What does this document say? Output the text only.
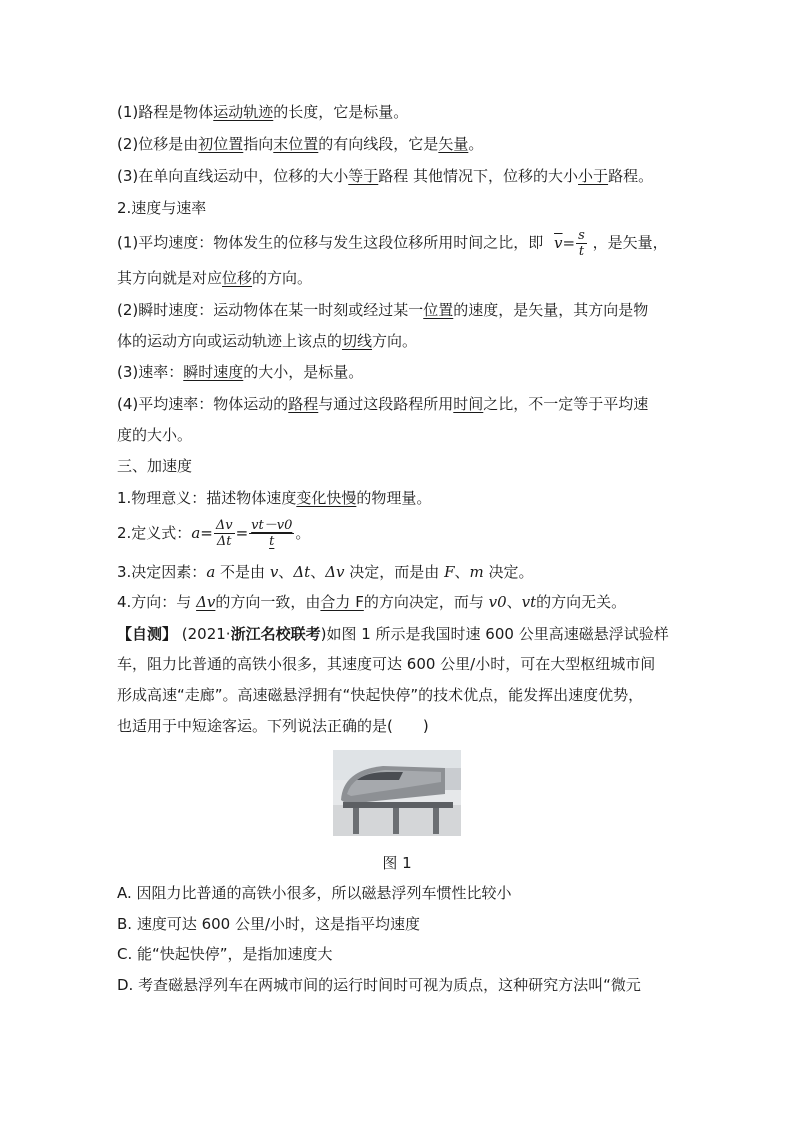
(1)路程是物体运动轨迹的长度，它是标量。
(2)位移是由初位置指向末位置的有向线段，它是矢量。
(3)在单向直线运动中，位移的大小等于路程 其他情况下，位移的大小小于路程。
2.速度与速率
(1)平均速度：物体发生的位移与发生这段位移所用时间之比，即 $\overline{v}= \frac{s}{t}$ ，是矢量，
其方向就是对应位移的方向。
(2)瞬时速度：运动物体在某一时刻或经过某一位置的速度，是矢量，其方向是物
体的运动方向或运动轨迹上该点的切线方向。
(3)速率：瞬时速度的大小，是标量。
(4)平均速率：物体运动的路程与通过这段路程所用时间之比，不一定等于平均速
度的大小。
三、加速度
1.物理意义：描述物体速度变化快慢的物理量。
2.定义式：$a= \frac{\Delta v}{\Delta t} = \frac{vt-v0}{t}$ 。
3.决定因素：a 不是由 v、Δt、Δv 决定，而是由 F、m 决定。
4.方向：与 Δv的方向一致，由合力 F的方向决定，而与 v0、vt的方向无关。
【自测】 (2021·浙江名校联考)如图 1 所示是我国时速 600 公里高速磁悬浮试验样
车，阻力比普通的高铁小很多，其速度可达 600 公里/小时，可在大型枢纽城市间
形成高速“走廊”。高速磁悬浮拥有“快起快停”的技术优点，能发挥出速度优势，
也适用于中短途客运。下列说法正确的是(　　)
图 1
A. 因阻力比普通的高铁小很多，所以磁悬浮列车惯性比较小
B. 速度可达 600 公里/小时，这是指平均速度
C. 能“快起快停”，是指加速度大
D. 考查磁悬浮列车在两城市间的运行时间时可视为质点，这种研究方法叫“微元
